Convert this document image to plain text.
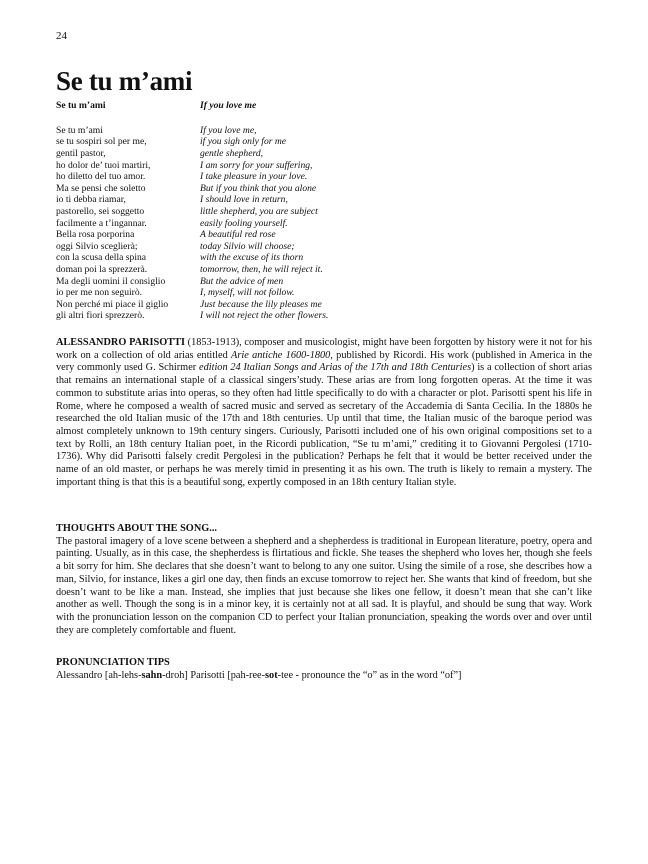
24
Se tu m’ami
Se tu m’ami
Se tu m’ami
se tu sospiri sol per me,
gentil pastor,
ho dolor de’ tuoi martiri,
ho diletto del tuo amor.
Ma se pensi che soletto
io ti debba riamar,
pastorello, sei soggetto
facilmente a t’ingannar.
Bella rosa porporina
oggi Silvio sceglierà;
con la scusa della spina
doman poi la sprezzerà.
Ma degli uomini il consiglio
io per me non seguirò.
Non perché mi piace il giglio
gli altri fiori sprezzerò.
If you love me
If you love me,
if you sigh only for me
gentle shepherd,
I am sorry for your suffering,
I take pleasure in your love.
But if you think that you alone
I should love in return,
little shepherd, you are subject
easily fooling yourself.
A beautiful red rose
today Silvio will choose;
with the excuse of its thorn
tomorrow, then, he will reject it.
But the advice of men
I, myself, will not follow.
Just because the lily pleases me
I will not reject the other flowers.
ALESSANDRO PARISOTTI (1853-1913), composer and musicologist, might have been forgotten by history were it not for his work on a collection of old arias entitled Arie antiche 1600-1800, published by Ricordi. His work (published in America in the very commonly used G. Schirmer edition 24 Italian Songs and Arias of the 17th and 18th Centuries) is a collection of short arias that remains an international staple of a classical singers’study. These arias are from long forgotten operas. At the time it was common to substitute arias into operas, so they often had little specifically to do with a character or plot. Parisotti spent his life in Rome, where he composed a wealth of sacred music and served as secretary of the Accademia di Santa Cecilia. In the 1880s he researched the old Italian music of the 17th and 18th centuries. Up until that time, the Italian music of the baroque period was almost completely unknown to 19th century singers. Curiously, Parisotti included one of his own original compositions set to a text by Rolli, an 18th century Italian poet, in the Ricordi publication, “Se tu m’ami,” crediting it to Giovanni Pergolesi (1710-1736). Why did Parisotti falsely credit Pergolesi in the publication? Perhaps he felt that it would be better received under the name of an old master, or perhaps he was merely timid in presenting it as his own. The truth is likely to remain a mystery. The important thing is that this is a beautiful song, expertly composed in an 18th century Italian style.
THOUGHTS ABOUT THE SONG...
The pastoral imagery of a love scene between a shepherd and a shepherdess is traditional in European literature, poetry, opera and painting. Usually, as in this case, the shepherdess is flirtatious and fickle. She teases the shepherd who loves her, though she feels a bit sorry for him. She declares that she doesn’t want to belong to any one suitor. Using the simile of a rose, she describes how a man, Silvio, for instance, likes a girl one day, then finds an excuse tomorrow to reject her. She wants that kind of freedom, but she doesn’t want to be like a man. Instead, she implies that just because she likes one fellow, it doesn’t mean that she can’t like another as well. Though the song is in a minor key, it is certainly not at all sad. It is playful, and should be sung that way. Work with the pronunciation lesson on the companion CD to perfect your Italian pronunciation, speaking the words over and over until they are completely comfortable and fluent.
PRONUNCIATION TIPS
Alessandro [ah-lehs-sahn-droh] Parisotti [pah-ree-sot-tee - pronounce the “o” as in the word “of”]
